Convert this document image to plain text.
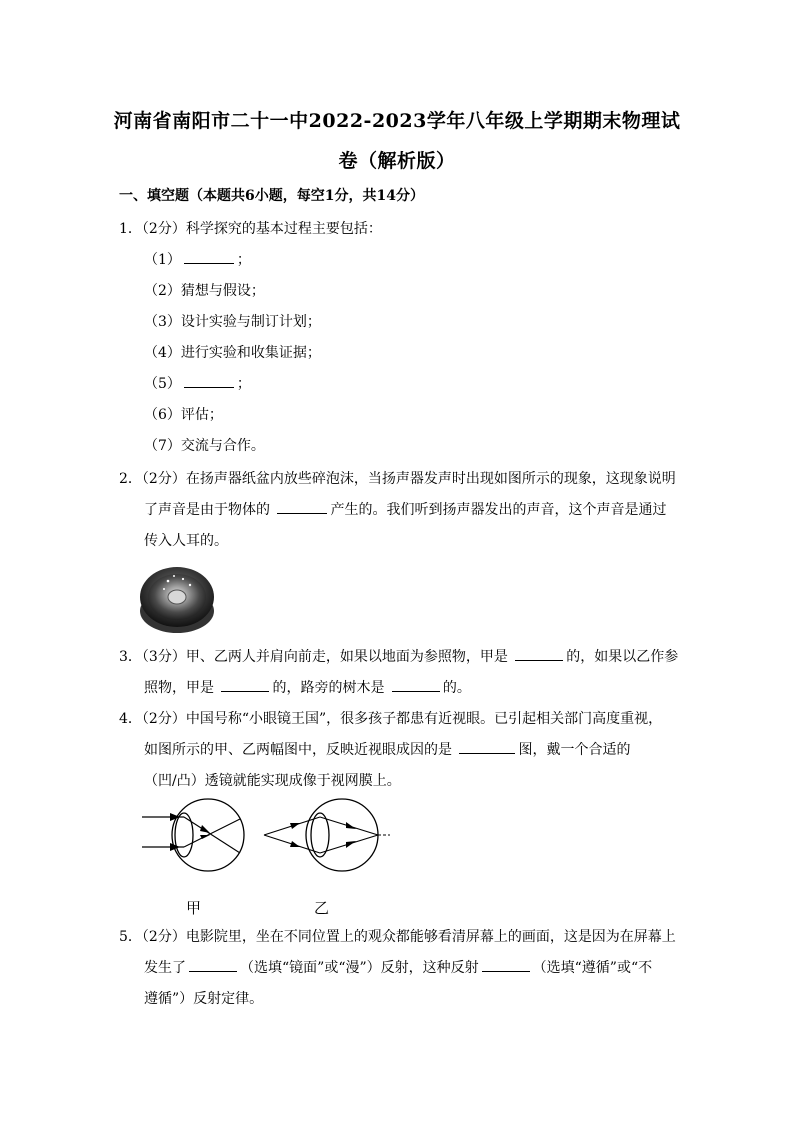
河南省南阳市二十一中2022-2023学年八年级上学期期末物理试
卷（解析版）
一、填空题（本题共6小题，每空1分，共14分）
1．（2分）科学探究的基本过程主要包括：
（1）	；
（2）猜想与假设；
（3）设计实验与制订计划；
（4）进行实验和收集证据；
（5）	；
（6）评估；
（7）交流与合作。
2．（2分）在扬声器纸盆内放些碎泡沫，当扬声器发声时出现如图所示的现象，这现象说明
了声音是由于物体的	产生的。我们听到扬声器发出的声音，这个声音是通过
传入人耳的。
3．（3分）甲、乙两人并肩向前走，如果以地面为参照物，甲是	的，如果以乙作参
照物，甲是	的，路旁的树木是	的。
4．（2分）中国号称“小眼镜王国”，很多孩子都患有近视眼。已引起相关部门高度重视，
如图所示的甲、乙两幅图中，反映近视眼成因的是	图，戴一个合适的
（凹/凸）透镜就能实现成像于视网膜上。
甲	乙
5．（2分）电影院里，坐在不同位置上的观众都能够看清屏幕上的画面，这是因为在屏幕上
发生了	（选填“镜面”或“漫”）反射，这种反射	（选填“遵循”或“不
遵循”）反射定律。
